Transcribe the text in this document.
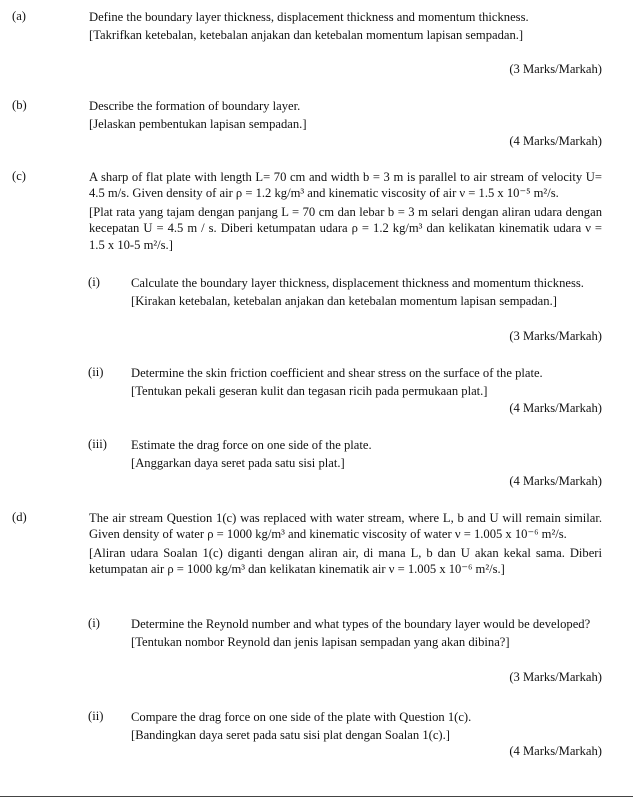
(a)	Define the boundary layer thickness, displacement thickness and momentum thickness.

[Takrifkan ketebalan, ketebalan anjakan dan ketebalan momentum lapisan sempadan.]

(3 Marks/Markah)
(b)	Describe the formation of boundary layer.

[Jelaskan pembentukan lapisan sempadan.]

(4 Marks/Markah)
(c)	A sharp of flat plate with length L= 70 cm and width b = 3 m is parallel to air stream of velocity U= 4.5 m/s. Given density of air ρ = 1.2 kg/m³ and kinematic viscosity of air ν = 1.5 x 10⁻⁵ m²/s.

[Plat rata yang tajam dengan panjang L = 70 cm dan lebar b = 3 m selari dengan aliran udara dengan kecepatan U = 4.5 m / s. Diberi ketumpatan udara ρ = 1.2 kg/m³ dan kelikatan kinematik udara ν = 1.5 x 10-5 m²/s.]

(i) Calculate the boundary layer thickness, displacement thickness and momentum thickness.

[Kirakan ketebalan, ketebalan anjakan dan ketebalan momentum lapisan sempadan.]

(3 Marks/Markah)
(ii) Determine the skin friction coefficient and shear stress on the surface of the plate.

[Tentukan pekali geseran kulit dan tegasan ricih pada permukaan plat.]

(4 Marks/Markah)
(iii) Estimate the drag force on one side of the plate.

[Anggarkan daya seret pada satu sisi plat.]

(4 Marks/Markah)
(d)	The air stream Question 1(c) was replaced with water stream, where L, b and U will remain similar. Given density of water ρ = 1000 kg/m³ and kinematic viscosity of water ν = 1.005 x 10⁻⁶ m²/s.

[Aliran udara Soalan 1(c) diganti dengan aliran air, di mana L, b dan U akan kekal sama. Diberi ketumpatan air ρ = 1000 kg/m³ dan kelikatan kinematik air ν = 1.005 x 10⁻⁶ m²/s.]

(i) Determine the Reynold number and what types of the boundary layer would be developed?

[Tentukan nombor Reynold dan jenis lapisan sempadan yang akan dibina?]

(3 Marks/Markah)
(ii) Compare the drag force on one side of the plate with Question 1(c).

[Bandingkan daya seret pada satu sisi plat dengan Soalan 1(c).]

(4 Marks/Markah)
